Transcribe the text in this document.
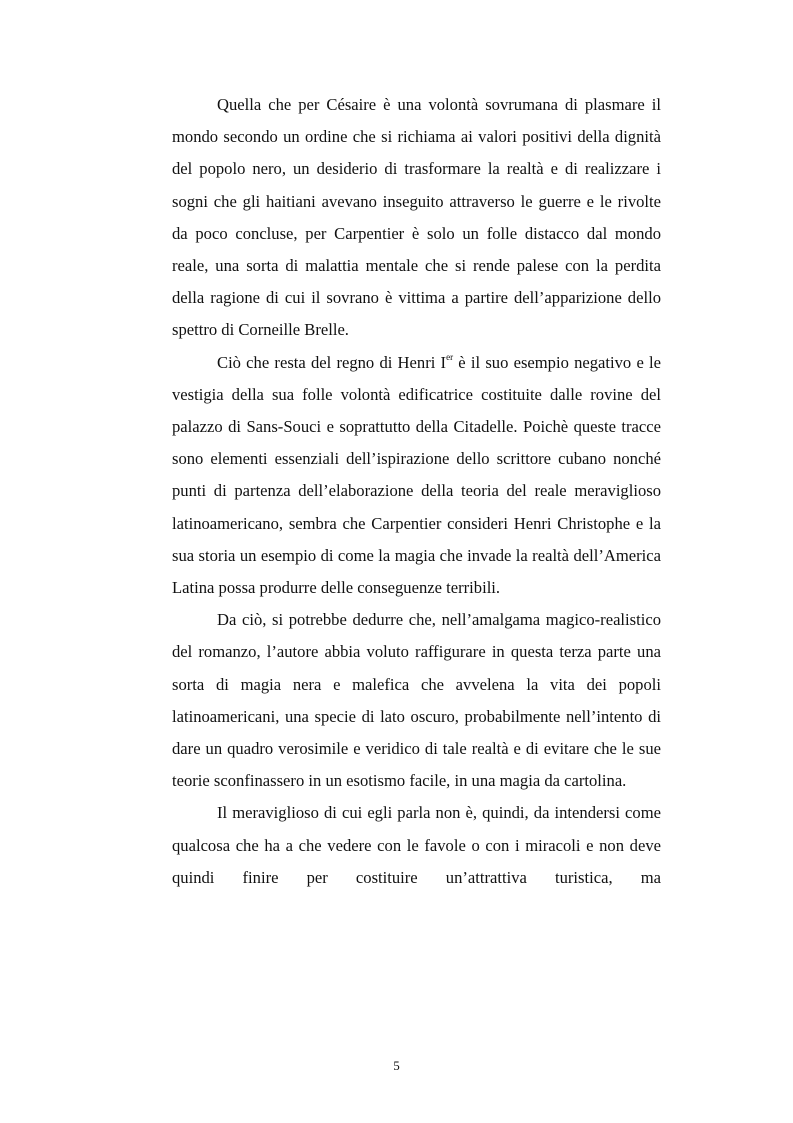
Quella che per Césaire è una volontà sovrumana di plasmare il mondo secondo un ordine che si richiama ai valori positivi della dignità del popolo nero, un desiderio di trasformare la realtà e di realizzare i sogni che gli haitiani avevano inseguito attraverso le guerre e le rivolte da poco concluse, per Carpentier è solo un folle distacco dal mondo reale, una sorta di malattia mentale che si rende palese con la perdita della ragione di cui il sovrano è vittima a partire dell’apparizione dello spettro di Corneille Brelle.

Ciò che resta del regno di Henri Ier è il suo esempio negativo e le vestigia della sua folle volontà edificatrice costituite dalle rovine del palazzo di Sans-Souci e soprattutto della Citadelle. Poichè queste tracce sono elementi essenziali dell’ispirazione dello scrittore cubano nonché punti di partenza dell’elaborazione della teoria del reale meraviglioso latinoamericano, sembra che Carpentier consideri Henri Christophe e la sua storia un esempio di come la magia che invade la realtà dell’America Latina possa produrre delle conseguenze terribili.

Da ciò, si potrebbe dedurre che, nell’amalgama magico-realistico del romanzo, l’autore abbia voluto raffigurare in questa terza parte una sorta di magia nera e malefica che avvelena la vita dei popoli latinoamericani, una specie di lato oscuro, probabilmente nell’intento di dare un quadro verosimile e veridico di tale realtà e di evitare che le sue teorie sconfinassero in un esotismo facile, in una magia da cartolina.

Il meraviglioso di cui egli parla non è, quindi, da intendersi come qualcosa che ha a che vedere con le favole o con i miracoli e non deve quindi finire per costituire un’attrattiva turistica, ma

5
